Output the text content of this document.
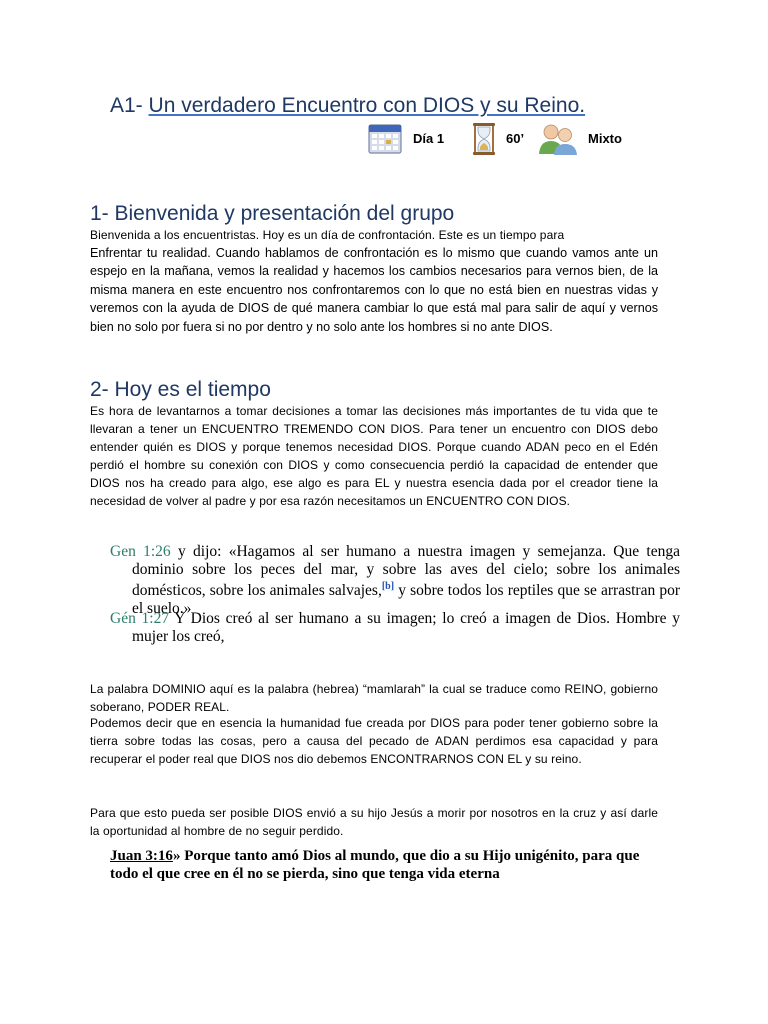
A1- Un verdadero Encuentro con DIOS y su Reino.
Día 1	60’	Mixto
1- Bienvenida y presentación del grupo

Bienvenida a los encuentristas. Hoy es un día de confrontación. Este es un tiempo para

Enfrentar tu realidad. Cuando hablamos de confrontación es lo mismo que cuando vamos ante un espejo en la mañana, vemos la realidad y hacemos los cambios necesarios para vernos bien, de la misma manera en este encuentro nos confrontaremos con lo que no está bien en nuestras vidas y veremos con la ayuda de DIOS de qué manera cambiar lo que está mal para salir de aquí y vernos bien no solo por fuera si no por dentro y no solo ante los hombres si no ante DIOS.

2- Hoy es el tiempo

Es hora de levantarnos a tomar decisiones a tomar las decisiones más importantes de tu vida que te llevaran a tener un ENCUENTRO TREMENDO CON DIOS. Para tener un encuentro con DIOS debo entender quién es DIOS y porque tenemos necesidad DIOS. Porque cuando ADAN peco en el Edén perdió el hombre su conexión con DIOS y como consecuencia perdió la capacidad de entender que DIOS nos ha creado para algo, ese algo es para EL y nuestra esencia dada por el creador tiene la necesidad de volver al padre y por esa razón necesitamos un ENCUENTRO CON DIOS.

Gen 1:26 y dijo: «Hagamos al ser humano a nuestra imagen y semejanza. Que tenga dominio sobre los peces del mar, y sobre las aves del cielo; sobre los animales domésticos, sobre los animales salvajes,[b] y sobre todos los reptiles que se arrastran por el suelo.»

Gén 1:27 Y Dios creó al ser humano a su imagen; lo creó a imagen de Dios. Hombre y mujer los creó,

La palabra DOMINIO aquí es la palabra (hebrea) “mamlarah” la cual se traduce como REINO, gobierno soberano, PODER REAL.

Podemos decir que en esencia la humanidad fue creada por DIOS para poder tener gobierno sobre la tierra sobre todas las cosas, pero a causa del pecado de ADAN perdimos esa capacidad y para recuperar el poder real que DIOS nos dio debemos ENCONTRARNOS CON EL y su reino.

Para que esto pueda ser posible DIOS envió a su hijo Jesús a morir por nosotros en la cruz y así darle la oportunidad al hombre de no seguir perdido.

Juan 3:16» Porque tanto amó Dios al mundo, que dio a su Hijo unigénito, para que todo el que cree en él no se pierda, sino que tenga vida eterna
